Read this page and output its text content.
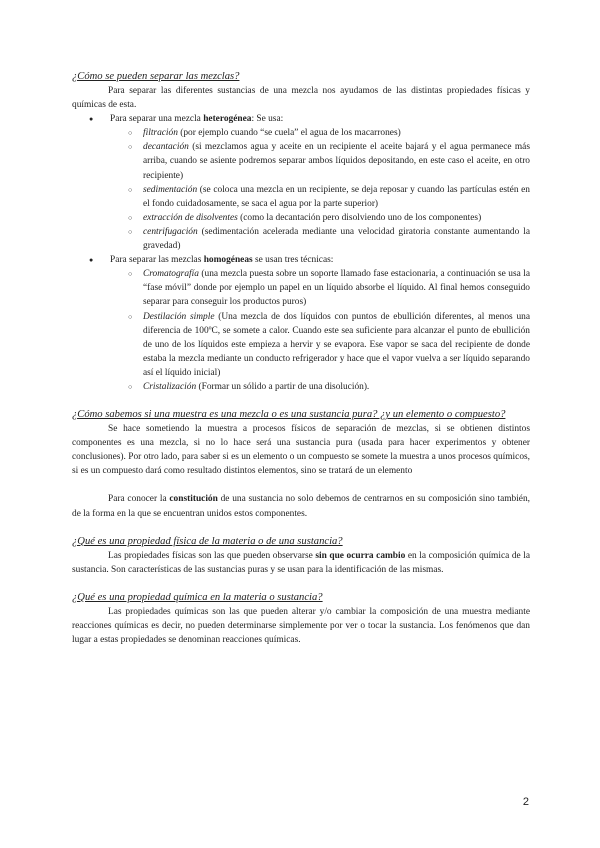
¿Cómo se pueden separar las mezclas?

Para separar las diferentes sustancias de una mezcla nos ayudamos de las distintas propiedades físicas y químicas de esta.

● Para separar una mezcla heterogénea: Se usa:
○ filtración (por ejemplo cuando “se cuela” el agua de los macarrones)
○ decantación (si mezclamos agua y aceite en un recipiente el aceite bajará y el agua permanece más arriba, cuando se asiente podremos separar ambos líquidos depositando, en este caso el aceite, en otro recipiente)
○ sedimentación (se coloca una mezcla en un recipiente, se deja reposar y cuando las partículas estén en el fondo cuidadosamente, se saca el agua por la parte superior)
○ extracción de disolventes (como la decantación pero disolviendo uno de los componentes)
○ centrifugación (sedimentación acelerada mediante una velocidad giratoria constante aumentando la gravedad)
● Para separar las mezclas homogéneas se usan tres técnicas:
○ Cromatografía (una mezcla puesta sobre un soporte llamado fase estacionaria, a continuación se usa la “fase móvil” donde por ejemplo un papel en un líquido absorbe el líquido. Al final hemos conseguido separar para conseguir los productos puros)
○ Destilación simple (Una mezcla de dos líquidos con puntos de ebullición diferentes, al menos una diferencia de 100ºC, se somete a calor. Cuando este sea suficiente para alcanzar el punto de ebullición de uno de los líquidos este empieza a hervir y se evapora. Ese vapor se saca del recipiente de donde estaba la mezcla mediante un conducto refrigerador y hace que el vapor vuelva a ser líquido separando así el líquido inicial)
○ Cristalización (Formar un sólido a partir de una disolución).
¿Cómo sabemos si una muestra es una mezcla o es una sustancia pura? ¿y un elemento o compuesto?

Se hace sometiendo la muestra a procesos físicos de separación de mezclas, si se obtienen distintos componentes es una mezcla, si no lo hace será una sustancia pura (usada para hacer experimentos y obtener conclusiones). Por otro lado, para saber si es un elemento o un compuesto se somete la muestra a unos procesos químicos, si es un compuesto dará como resultado distintos elementos, sino se tratará de un elemento

Para conocer la constitución de una sustancia no solo debemos de centrarnos en su composición sino también, de la forma en la que se encuentran unidos estos componentes.

¿Qué es una propiedad física de la materia o de una sustancia?

Las propiedades físicas son las que pueden observarse sin que ocurra cambio en la composición química de la sustancia. Son características de las sustancias puras y se usan para la identificación de las mismas.

¿Qué es una propiedad química en la materia o sustancia?

Las propiedades químicas son las que pueden alterar y/o cambiar la composición de una muestra mediante reacciones químicas es decir, no pueden determinarse simplemente por ver o tocar la sustancia. Los fenómenos que dan lugar a estas propiedades se denominan reacciones químicas.

2
